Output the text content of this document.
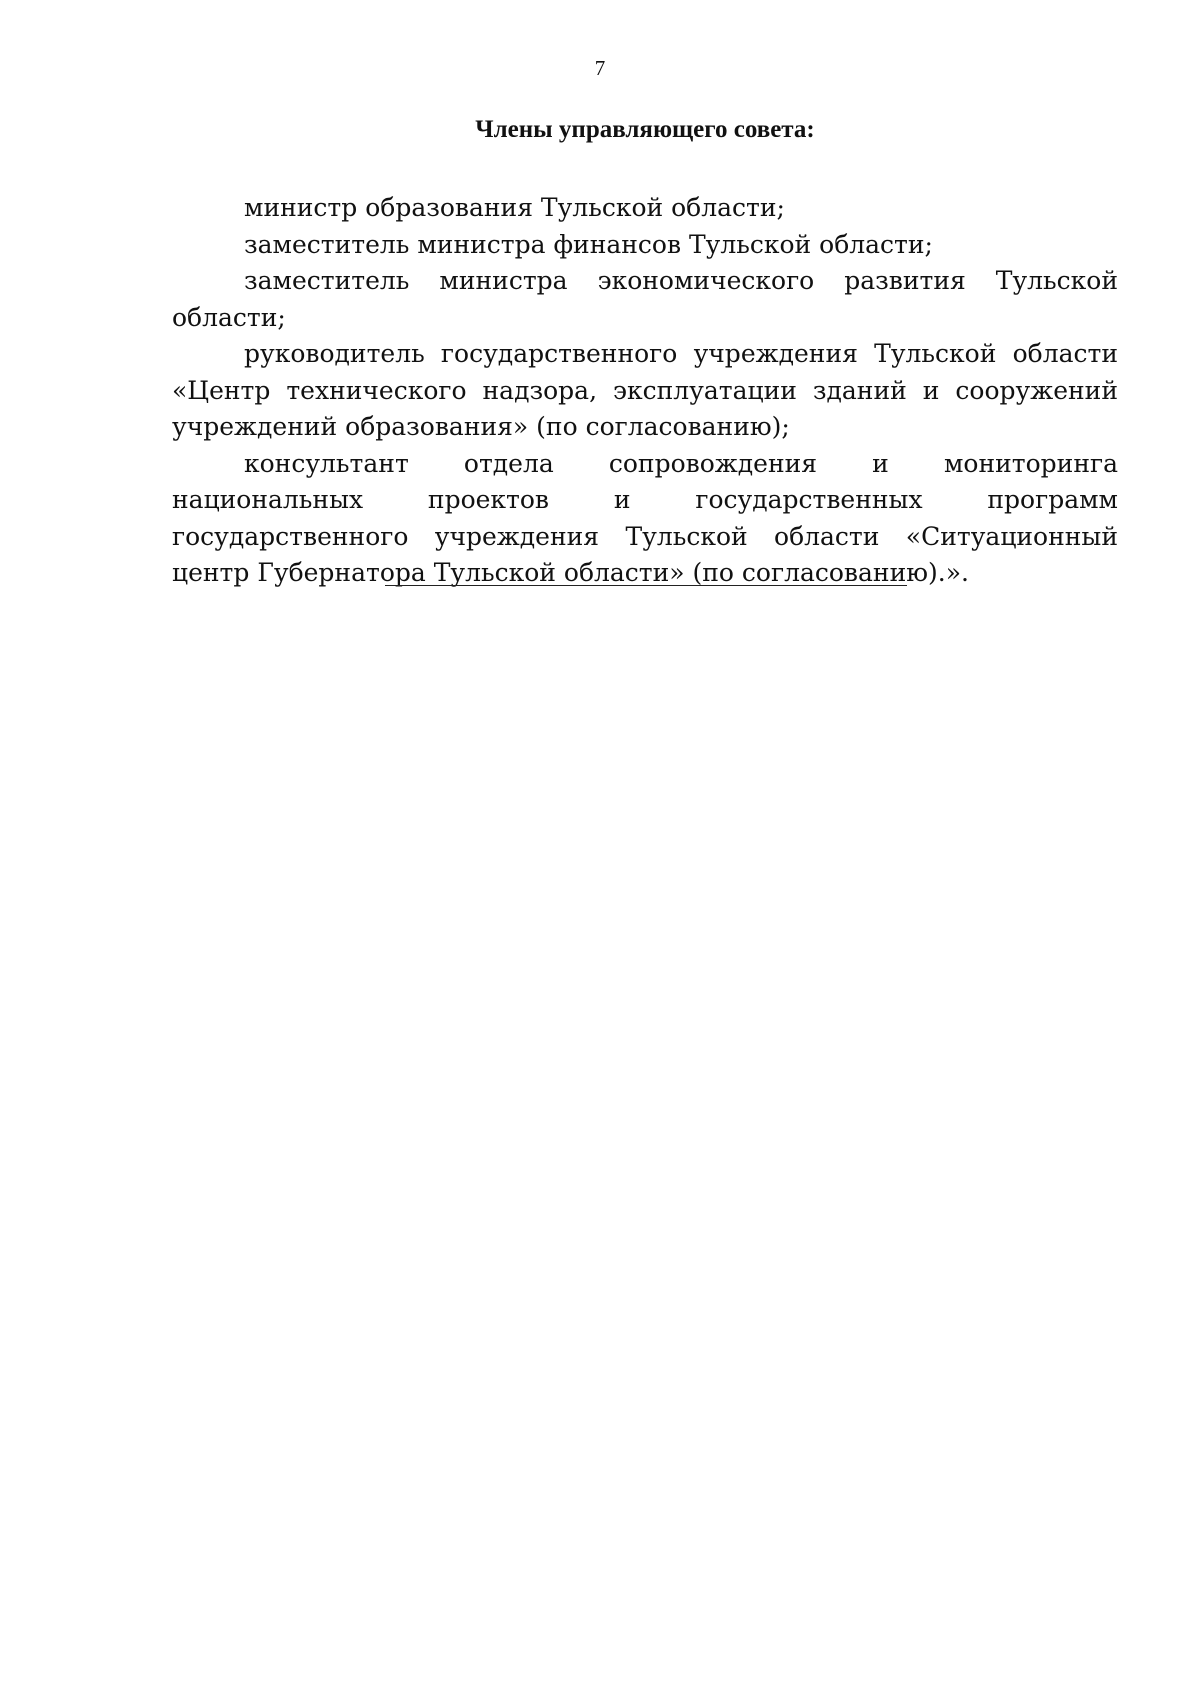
7
Члены управляющего совета:
министр образования Тульской области;
заместитель министра финансов Тульской области;
заместитель министра экономического развития Тульской области;
руководитель государственного учреждения Тульской области «Центр технического надзора, эксплуатации зданий и сооружений учреждений образования» (по согласованию);
консультант отдела сопровождения и мониторинга национальных проектов и государственных программ государственного учреждения Тульской области «Ситуационный центр Губернатора Тульской области» (по согласованию).».
